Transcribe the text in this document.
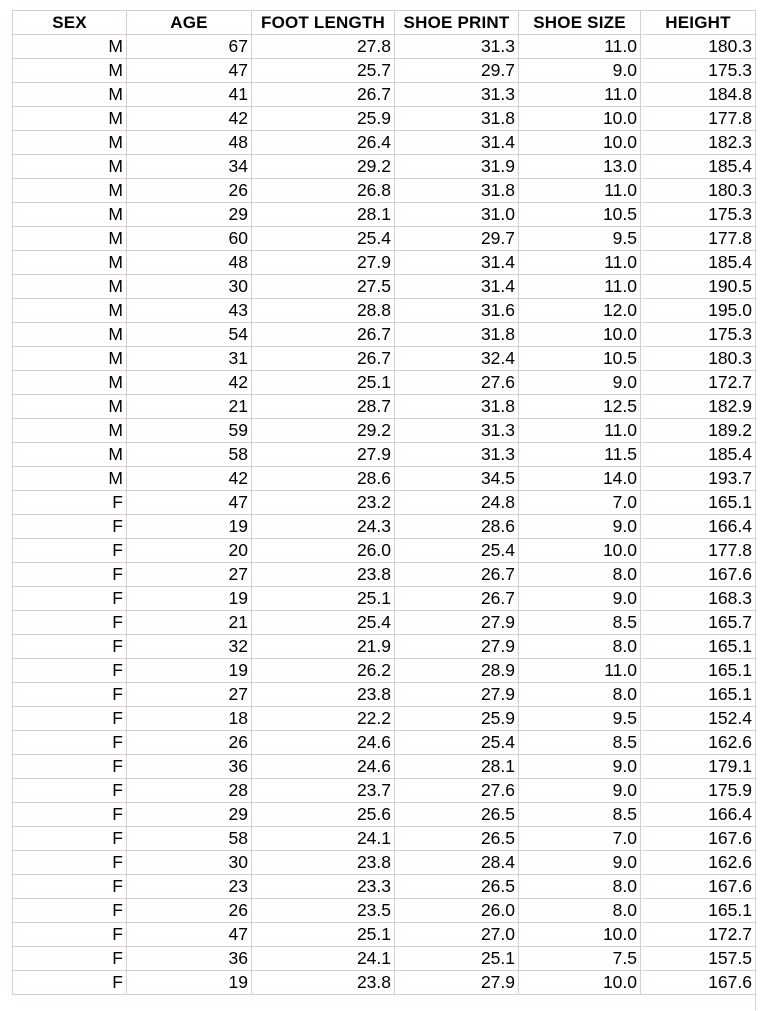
SEX	AGE	FOOT LENGTH	SHOE PRINT	SHOE SIZE	HEIGHT
M	67	27.8	31.3	11.0	180.3
M	47	25.7	29.7	9.0	175.3
M	41	26.7	31.3	11.0	184.8
M	42	25.9	31.8	10.0	177.8
M	48	26.4	31.4	10.0	182.3
M	34	29.2	31.9	13.0	185.4
M	26	26.8	31.8	11.0	180.3
M	29	28.1	31.0	10.5	175.3
M	60	25.4	29.7	9.5	177.8
M	48	27.9	31.4	11.0	185.4
M	30	27.5	31.4	11.0	190.5
M	43	28.8	31.6	12.0	195.0
M	54	26.7	31.8	10.0	175.3
M	31	26.7	32.4	10.5	180.3
M	42	25.1	27.6	9.0	172.7
M	21	28.7	31.8	12.5	182.9
M	59	29.2	31.3	11.0	189.2
M	58	27.9	31.3	11.5	185.4
M	42	28.6	34.5	14.0	193.7
F	47	23.2	24.8	7.0	165.1
F	19	24.3	28.6	9.0	166.4
F	20	26.0	25.4	10.0	177.8
F	27	23.8	26.7	8.0	167.6
F	19	25.1	26.7	9.0	168.3
F	21	25.4	27.9	8.5	165.7
F	32	21.9	27.9	8.0	165.1
F	19	26.2	28.9	11.0	165.1
F	27	23.8	27.9	8.0	165.1
F	18	22.2	25.9	9.5	152.4
F	26	24.6	25.4	8.5	162.6
F	36	24.6	28.1	9.0	179.1
F	28	23.7	27.6	9.0	175.9
F	29	25.6	26.5	8.5	166.4
F	58	24.1	26.5	7.0	167.6
F	30	23.8	28.4	9.0	162.6
F	23	23.3	26.5	8.0	167.6
F	26	23.5	26.0	8.0	165.1
F	47	25.1	27.0	10.0	172.7
F	36	24.1	25.1	7.5	157.5
F	19	23.8	27.9	10.0	167.6
